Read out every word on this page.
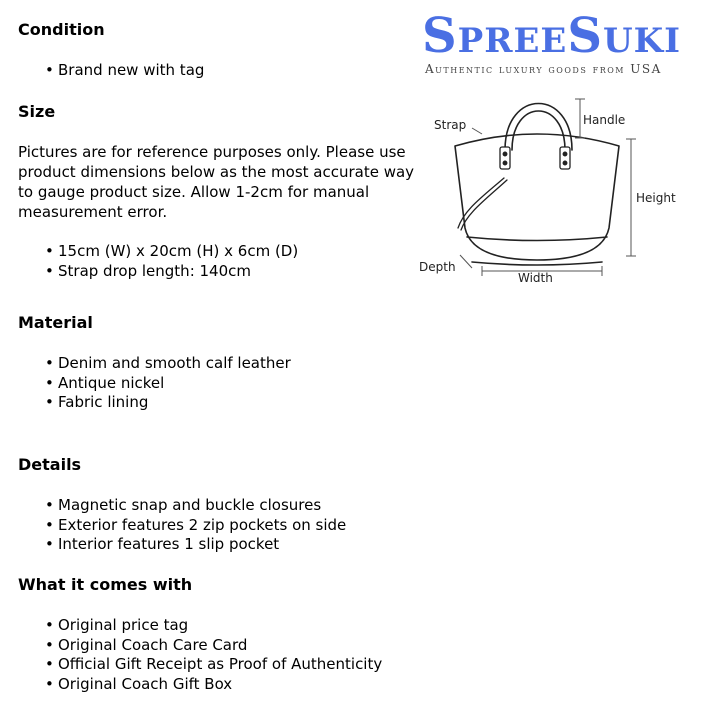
Condition
• Brand new with tag
Size

Pictures are for reference purposes only. Please use product dimensions below as the most accurate way to gauge product size. Allow 1-2cm for manual measurement error.

• 15cm (W) x 20cm (H) x 6cm (D)
• Strap drop length: 140cm
Material
• Denim and smooth calf leather
• Antique nickel
• Fabric lining
Details
• Magnetic snap and buckle closures
• Exterior features 2 zip pockets on side
• Interior features 1 slip pocket
What it comes with
• Original price tag
• Original Coach Care Card
• Official Gift Receipt as Proof of Authenticity
• Original Coach Gift Box
SpreeSuki
Authentic luxury goods from USA
Strap	Handle
Height
Depth
Width
